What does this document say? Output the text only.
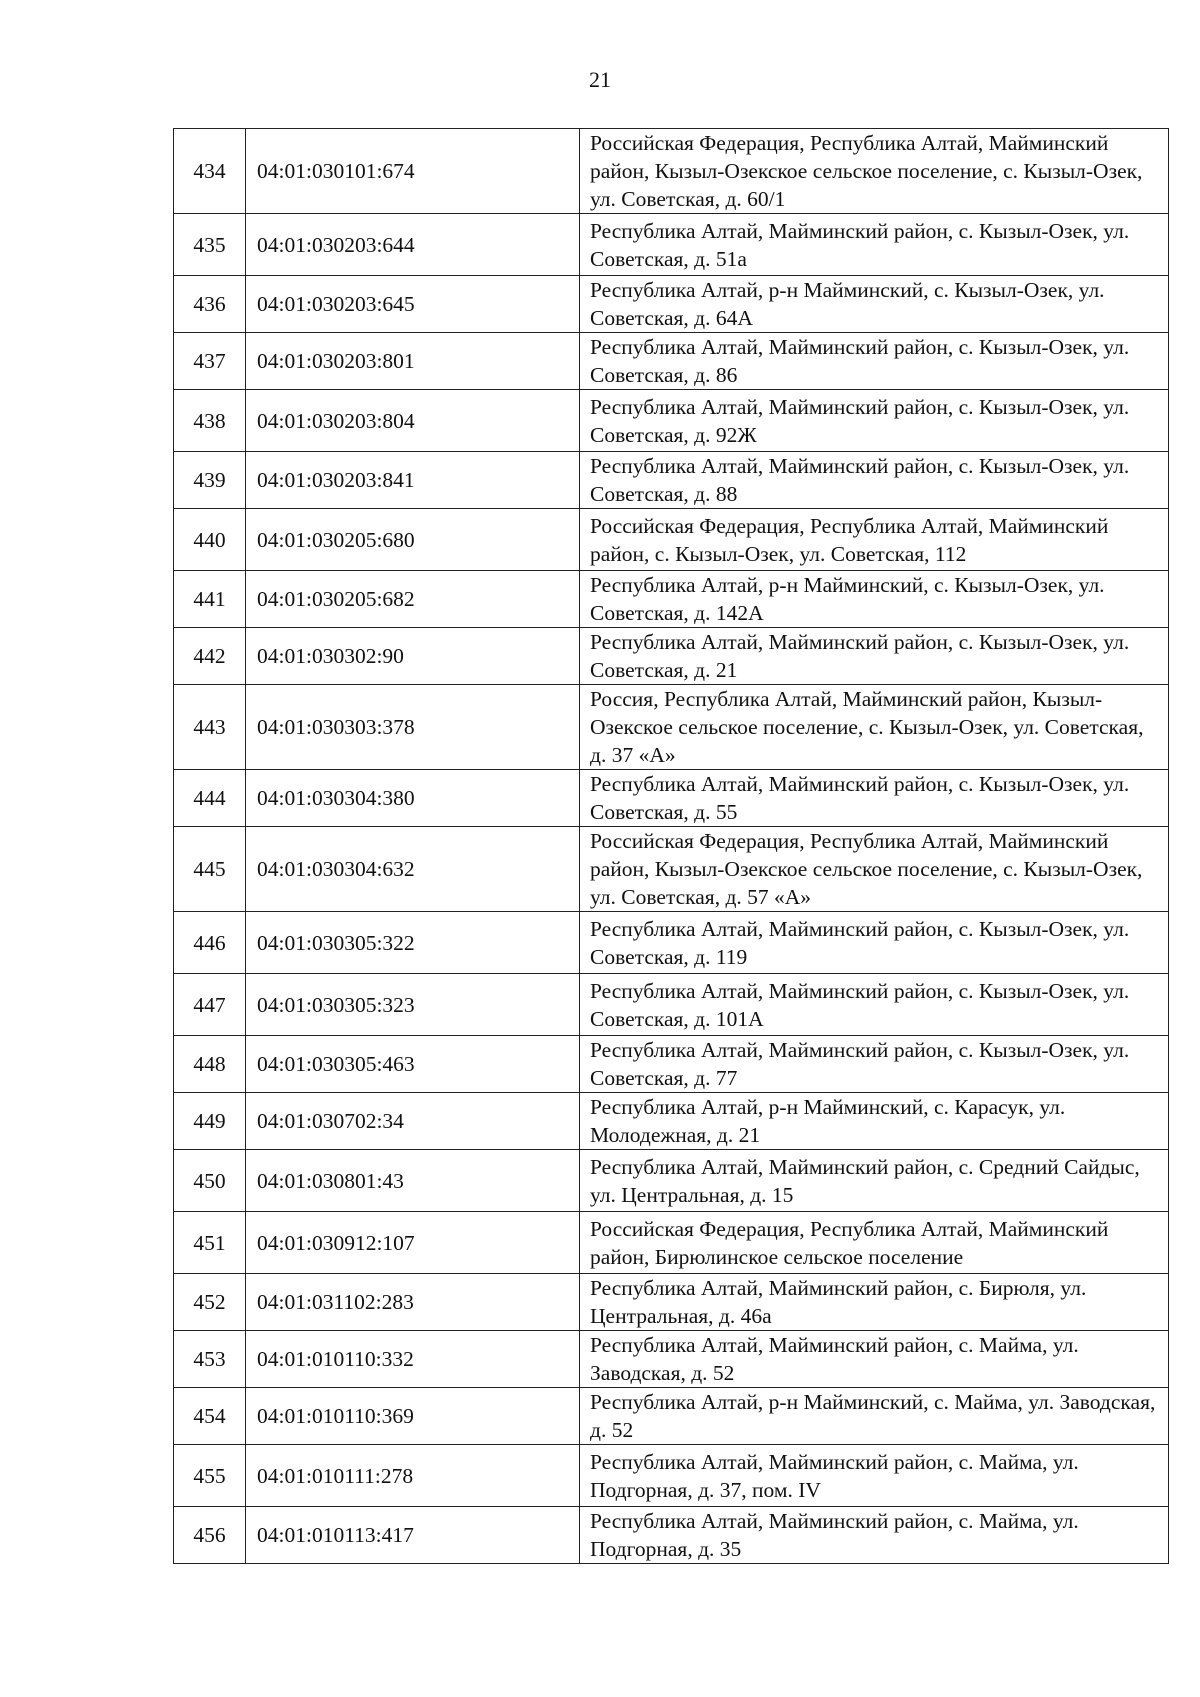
21
434	04:01:030101:674	Российская Федерация, Республика Алтай, Майминский район, Кызыл-Озекское сельское поселение, с. Кызыл-Озек, ул. Советская, д. 60/1
435	04:01:030203:644	Республика Алтай, Майминский район, с. Кызыл-Озек, ул. Советская, д. 51а
436	04:01:030203:645	Республика Алтай, р-н Майминский, с. Кызыл-Озек, ул. Советская, д. 64А
437	04:01:030203:801	Республика Алтай, Майминский район, с. Кызыл-Озек, ул. Советская, д. 86
438	04:01:030203:804	Республика Алтай, Майминский район, с. Кызыл-Озек, ул. Советская, д. 92Ж
439	04:01:030203:841	Республика Алтай, Майминский район, с. Кызыл-Озек, ул. Советская, д. 88
440	04:01:030205:680	Российская Федерация, Республика Алтай, Майминский район, с. Кызыл-Озек, ул. Советская, 112
441	04:01:030205:682	Республика Алтай, р-н Майминский, с. Кызыл-Озек, ул. Советская, д. 142А
442	04:01:030302:90	Республика Алтай, Майминский район, с. Кызыл-Озек, ул. Советская, д. 21
443	04:01:030303:378	Россия, Республика Алтай, Майминский район, Кызыл-Озекское сельское поселение, с. Кызыл-Озек, ул. Советская, д. 37 «А»
444	04:01:030304:380	Республика Алтай, Майминский район, с. Кызыл-Озек, ул. Советская, д. 55
445	04:01:030304:632	Российская Федерация, Республика Алтай, Майминский район, Кызыл-Озекское сельское поселение, с. Кызыл-Озек, ул. Советская, д. 57 «А»
446	04:01:030305:322	Республика Алтай, Майминский район, с. Кызыл-Озек, ул. Советская, д. 119
447	04:01:030305:323	Республика Алтай, Майминский район, с. Кызыл-Озек, ул. Советская, д. 101А
448	04:01:030305:463	Республика Алтай, Майминский район, с. Кызыл-Озек, ул. Советская, д. 77
449	04:01:030702:34	Республика Алтай, р-н Майминский, с. Карасук, ул. Молодежная, д. 21
450	04:01:030801:43	Республика Алтай, Майминский район, с. Средний Сайдыс, ул. Центральная, д. 15
451	04:01:030912:107	Российская Федерация, Республика Алтай, Майминский район, Бирюлинское сельское поселение
452	04:01:031102:283	Республика Алтай, Майминский район, с. Бирюля, ул. Центральная, д. 46а
453	04:01:010110:332	Республика Алтай, Майминский район, с. Майма, ул. Заводская, д. 52
454	04:01:010110:369	Республика Алтай, р-н Майминский, с. Майма, ул. Заводская, д. 52
455	04:01:010111:278	Республика Алтай, Майминский район, с. Майма, ул. Подгорная, д. 37, пом. IV
456	04:01:010113:417	Республика Алтай, Майминский район, с. Майма, ул. Подгорная, д. 35
